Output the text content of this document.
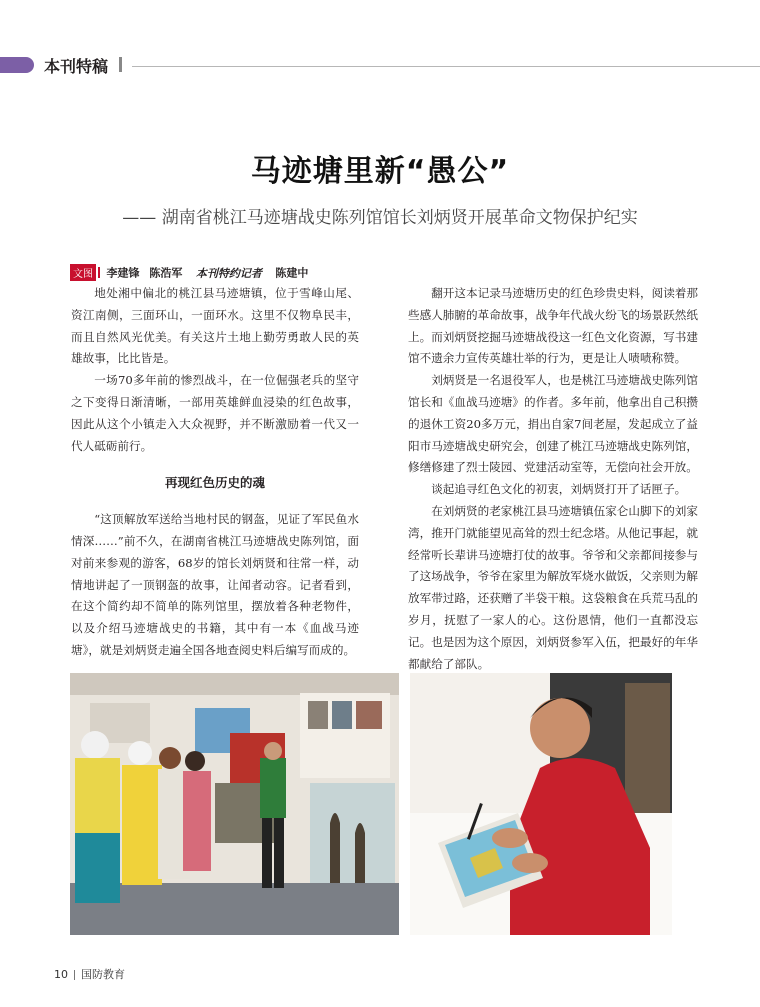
本刊特稿
马迹塘里新“愚公”
—— 湖南省桃江马迹塘战史陈列馆馆长刘炳贤开展革命文物保护纪实
文图 李建锋 陈浩军 本刊特约记者 陈建中

地处湘中偏北的桃江县马迹塘镇，位于雪峰山尾、资江南侧，三面环山，一面环水。这里不仅物阜民丰，而且自然风光优美。有关这片土地上勤劳勇敢人民的英雄故事，比比皆是。

一场70多年前的惨烈战斗，在一位倔强老兵的坚守之下变得日渐清晰，一部用英雄鲜血浸染的红色故事，因此从这个小镇走入大众视野，并不断激励着一代又一代人砥砺前行。

再现红色历史的魂

“这顶解放军送给当地村民的钢盔，见证了军民鱼水情深……”前不久，在湖南省桃江马迹塘战史陈列馆，面对前来参观的游客，68岁的馆长刘炳贤和往常一样，动情地讲起了一顶钢盔的故事，让闻者动容。记者看到，在这个简约却不简单的陈列馆里，摆放着各种老物件，以及介绍马迹塘战史的书籍，其中有一本《血战马迹塘》，就是刘炳贤走遍全国各地查阅史料后编写而成的。

翻开这本记录马迹塘历史的红色珍贵史料，阅读着那些感人肺腑的革命故事，战争年代战火纷飞的场景跃然纸上。而刘炳贤挖掘马迹塘战役这一红色文化资源，写书建馆不遗余力宣传英雄壮举的行为，更是让人啧啧称赞。

刘炳贤是一名退役军人，也是桃江马迹塘战史陈列馆馆长和《血战马迹塘》的作者。多年前，他拿出自己积攒的退休工资20多万元，捐出自家7间老屋，发起成立了益阳市马迹塘战史研究会，创建了桃江马迹塘战史陈列馆，修缮修建了烈士陵园、党建活动室等，无偿向社会开放。

谈起追寻红色文化的初衷，刘炳贤打开了话匣子。

在刘炳贤的老家桃江县马迹塘镇伍家仑山脚下的刘家湾，推开门就能望见高耸的烈士纪念塔。从他记事起，就经常听长辈讲马迹塘打仗的故事。爷爷和父亲都间接参与了这场战争，爷爷在家里为解放军烧水做饭，父亲则为解放军带过路，还获赠了半袋干粮。这袋粮食在兵荒马乱的岁月，抚慰了一家人的心。这份恩情，他们一直都没忘记。也是因为这个原因，刘炳贤参军入伍，把最好的年华都献给了部队。

10 国防教育
